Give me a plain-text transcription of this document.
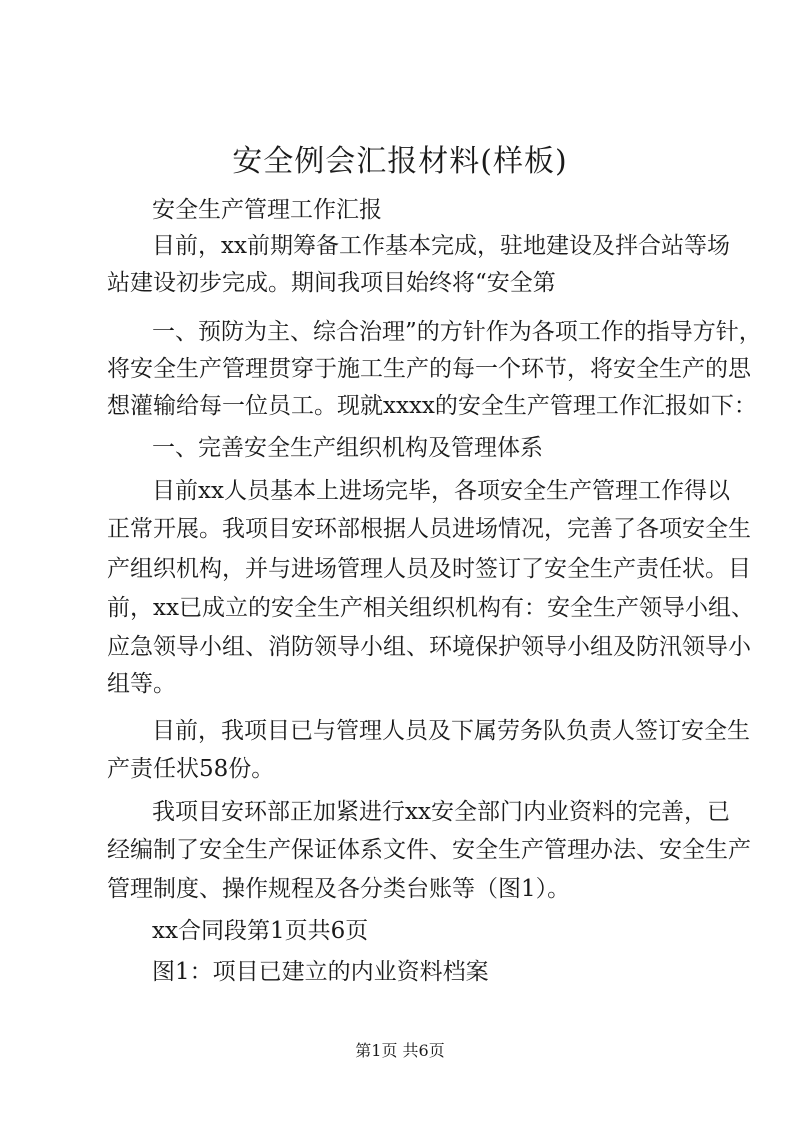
安全例会汇报材料(样板)
安全生产管理工作汇报
目前，xx前期筹备工作基本完成，驻地建设及拌合站等场
站建设初步完成。期间我项目始终将“安全第
一、预防为主、综合治理”的方针作为各项工作的指导方针，
将安全生产管理贯穿于施工生产的每一个环节，将安全生产的思
想灌输给每一位员工。现就xxxx的安全生产管理工作汇报如下：
一、完善安全生产组织机构及管理体系
目前xx人员基本上进场完毕，各项安全生产管理工作得以
正常开展。我项目安环部根据人员进场情况，完善了各项安全生
产组织机构，并与进场管理人员及时签订了安全生产责任状。目
前，xx已成立的安全生产相关组织机构有：安全生产领导小组、
应急领导小组、消防领导小组、环境保护领导小组及防汛领导小
组等。
目前，我项目已与管理人员及下属劳务队负责人签订安全生
产责任状58份。
我项目安环部正加紧进行xx安全部门内业资料的完善，已
经编制了安全生产保证体系文件、安全生产管理办法、安全生产
管理制度、操作规程及各分类台账等（图1）。
xx合同段第1页共6页
图1：项目已建立的内业资料档案
第1页 共6页
